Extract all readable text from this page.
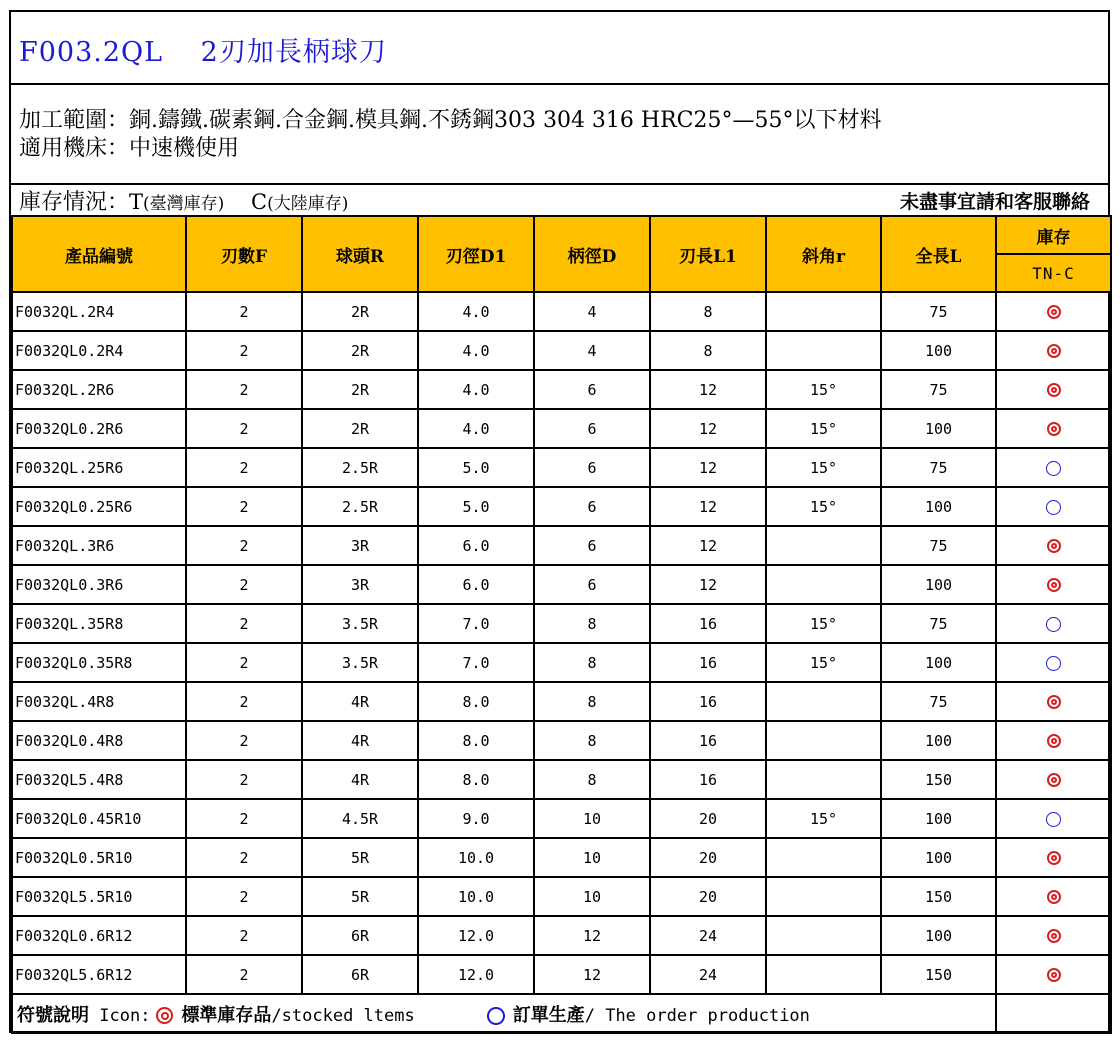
F003.2QL　 2刃加長柄球刀
加工範圍：銅.鑄鐵.碳素鋼.合金鋼.模具鋼.不銹鋼303 304 316 HRC25°—55°以下材料
適用機床：中速機使用
庫存情況：T(臺灣庫存) C(大陸庫存)	未盡事宜請和客服聯絡
產品編號	刃數F	球頭R	刃徑D1	柄徑D	刃長L1	斜角r	全長L	庫存
								TN-C
F0032QL.2R4	2	2R	4.0	4	8		75	
F0032QL0.2R4	2	2R	4.0	4	8		100	
F0032QL.2R6	2	2R	4.0	6	12	15°	75	
F0032QL0.2R6	2	2R	4.0	6	12	15°	100	
F0032QL.25R6	2	2.5R	5.0	6	12	15°	75	
F0032QL0.25R6	2	2.5R	5.0	6	12	15°	100	
F0032QL.3R6	2	3R	6.0	6	12		75	
F0032QL0.3R6	2	3R	6.0	6	12		100	
F0032QL.35R8	2	3.5R	7.0	8	16	15°	75	
F0032QL0.35R8	2	3.5R	7.0	8	16	15°	100	
F0032QL.4R8	2	4R	8.0	8	16		75	
F0032QL0.4R8	2	4R	8.0	8	16		100	
F0032QL5.4R8	2	4R	8.0	8	16		150	
F0032QL0.45R10	2	4.5R	9.0	10	20	15°	100	
F0032QL0.5R10	2	5R	10.0	10	20		100	
F0032QL5.5R10	2	5R	10.0	10	20		150	
F0032QL0.6R12	2	6R	12.0	12	24		100	
F0032QL5.6R12	2	6R	12.0	12	24		150	
符號說明 Icon: 標準庫存品/stocked ltems 訂單生產/ The order production								
